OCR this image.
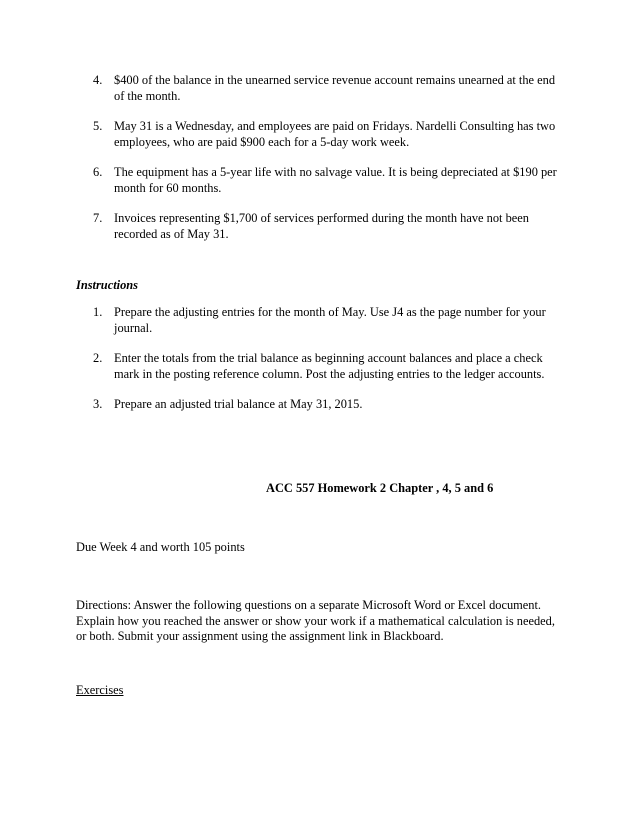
4. $400 of the balance in the unearned service revenue account remains unearned at the end of the month.
5. May 31 is a Wednesday, and employees are paid on Fridays. Nardelli Consulting has two employees, who are paid $900 each for a 5-day work week.
6. The equipment has a 5-year life with no salvage value. It is being depreciated at $190 per month for 60 months.
7. Invoices representing $1,700 of services performed during the month have not been recorded as of May 31.
Instructions
1. Prepare the adjusting entries for the month of May. Use J4 as the page number for your journal.
2. Enter the totals from the trial balance as beginning account balances and place a check mark in the posting reference column. Post the adjusting entries to the ledger accounts.
3. Prepare an adjusted trial balance at May 31, 2015.
ACC 557 Homework 2 Chapter , 4, 5 and 6
Due Week 4 and worth 105 points
Directions: Answer the following questions on a separate Microsoft Word or Excel document. Explain how you reached the answer or show your work if a mathematical calculation is needed, or both. Submit your assignment using the assignment link in Blackboard.
Exercises
